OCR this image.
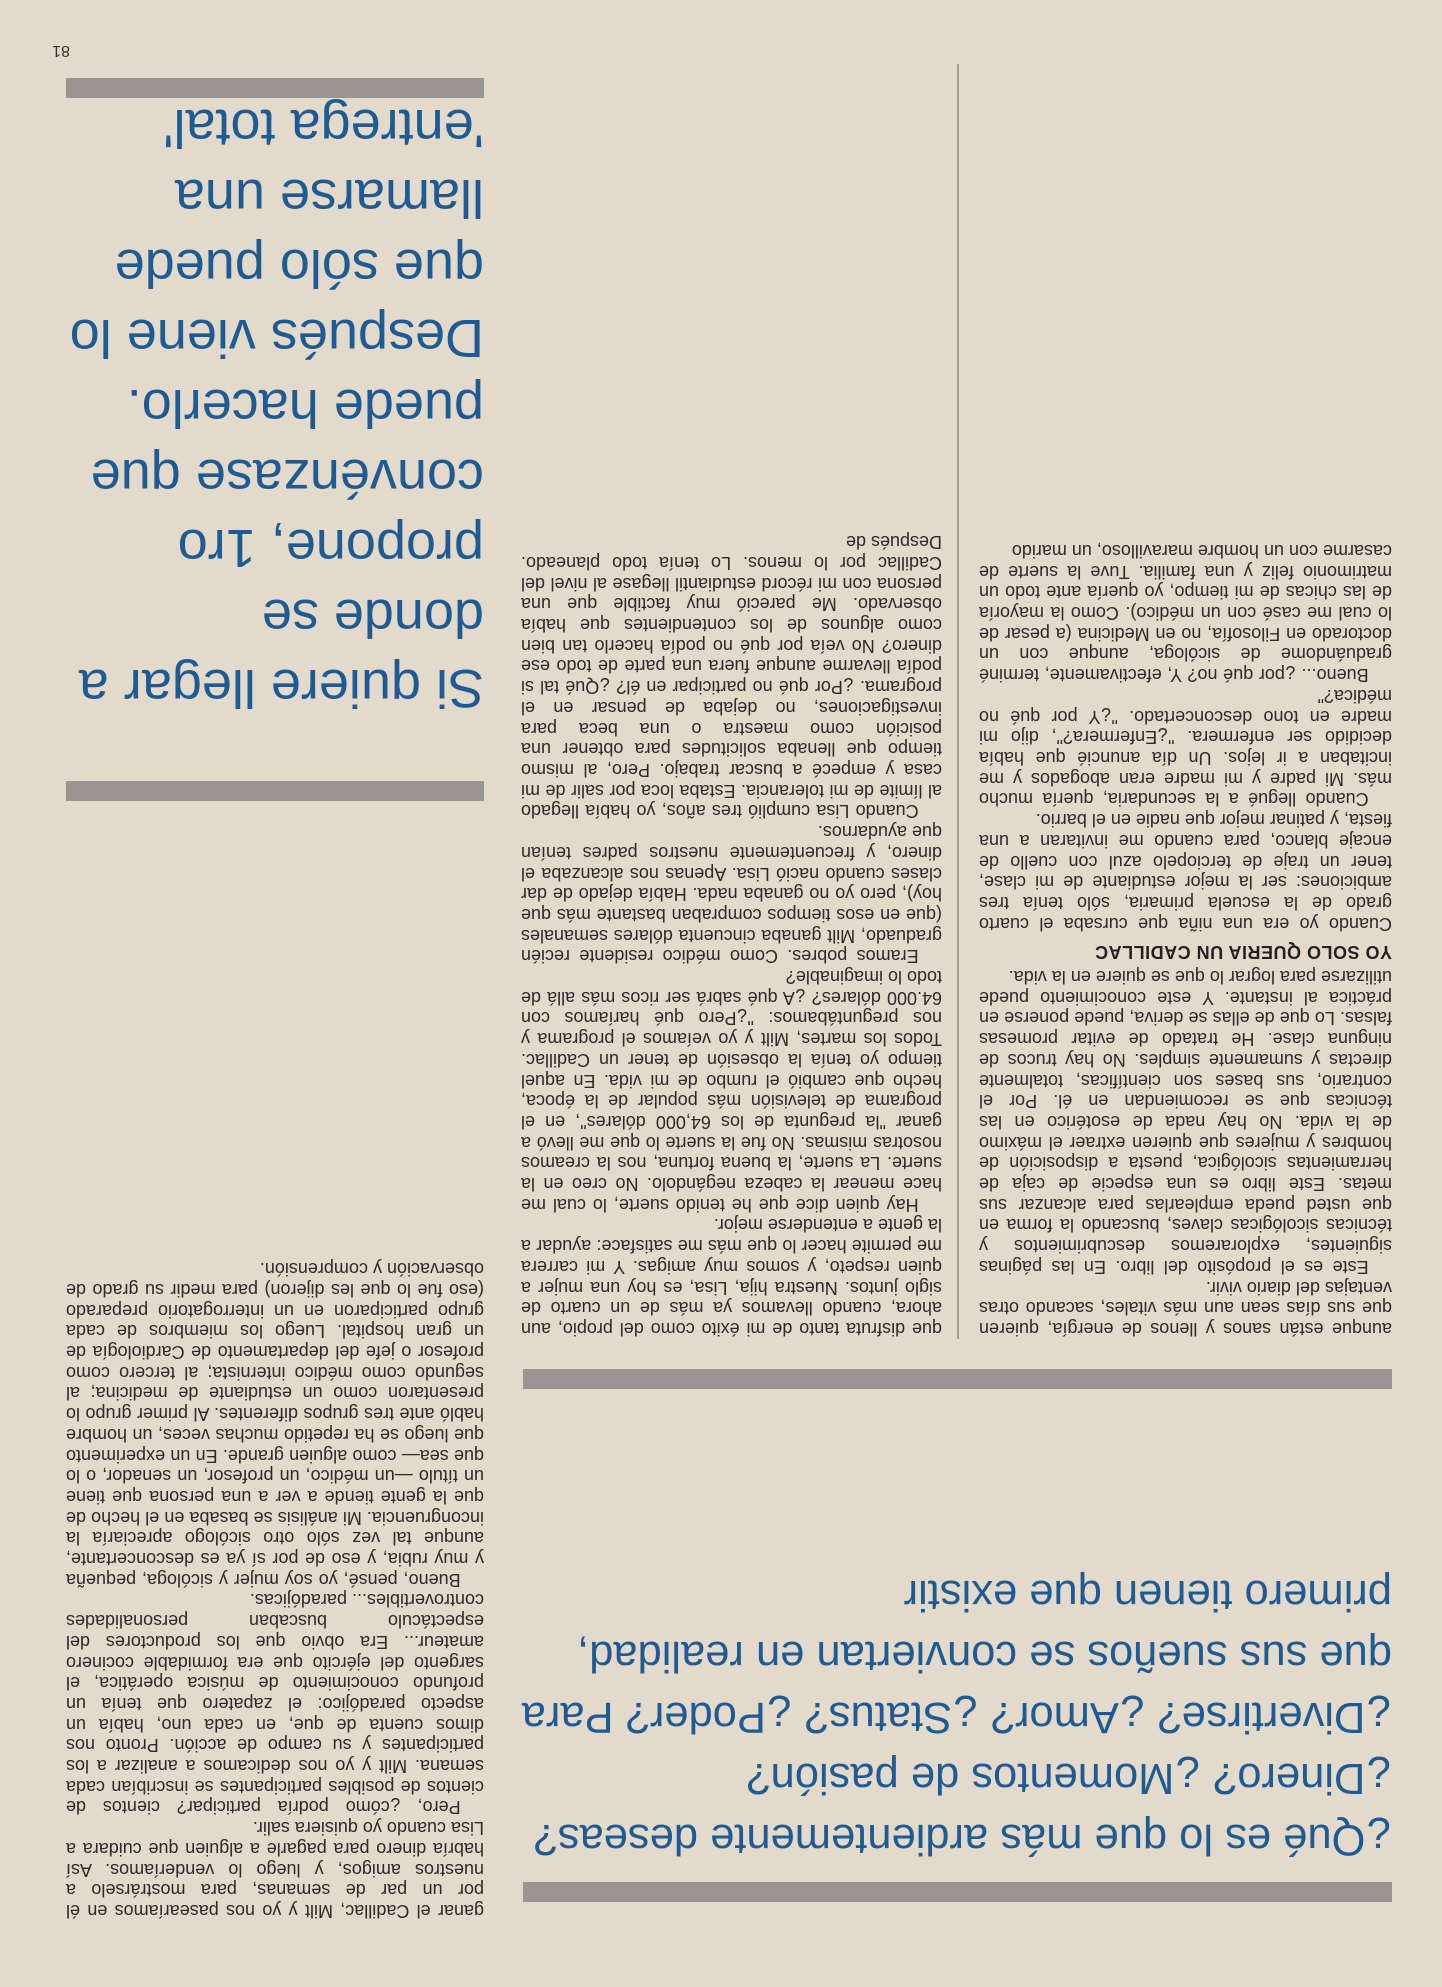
¿Qué es lo que más ardientemente deseas? ¿Dinero? ¿Momentos de pasión? ¿Divertirse? ¿Amor? ¿Status? ¿Poder? Para que sus sueños se conviertan en realidad, primero tienen que existir

aunque están sanos y llenos de energía, quieren que sus días sean aun más vitales, sacando otras ventajas del diario vivir.

Este es el propósito del libro. En las páginas siguientes, exploraremos descubrimientos y técnicas sicológicas claves, buscando la forma en que usted pueda emplearlas para alcanzar sus metas. Este libro es una especie de caja de herramientas sicológica, puesta a disposición de hombres y mujeres que quieren extraer el máximo de la vida. No hay nada de esotérico en las técnicas que se recomiendan en él. Por el contrario, sus bases son científicas, totalmente directas y sumamente simples. No hay trucos de ninguna clase. He tratado de evitar promesas falsas. Lo que de ellas se deriva, puede ponerse en práctica al instante. Y este conocimiento puede utilizarse para lograr lo que se quiere en la vida.

YO SOLO QUERIA UN CADILLAC

Cuando yo era una niña que cursaba el cuarto grado de la escuela primaria, sólo tenía tres ambiciones: ser la mejor estudiante de mi clase, tener un traje de terciopelo azul con cuello de encaje blanco, para cuando me invitaran a una fiesta, y patinar mejor que nadie en el barrio.

Cuando llegué a la secundaria, quería mucho más. Mi padre y mi madre eran abogados y me incitaban a ir lejos. Un día anuncié que había decidido ser enfermera. "¿Enfermera?", dijo mi madre en tono desconcertado. "¿Y por qué no médica?"

Bueno... ¿por qué no? Y, efectivamente, terminé graduándome de sicóloga, aunque con un doctorado en Filosofía, no en Medicina (a pesar de lo cual me casé con un médico). Como la mayoría de las chicas de mi tiempo, yo quería ante todo un matrimonio feliz y una familia. Tuve la suerte de casarme con un hombre maravilloso, un marido

que disfruta tanto de mi éxito como del propio, aun ahora, cuando llevamos ya más de un cuarto de siglo juntos. Nuestra hija, Lisa, es hoy una mujer a quien respeto, y somos muy amigas. Y mi carrera me permite hacer lo que más me satisface: ayudar a la gente a entenderse mejor.

Hay quien dice que he tenido suerte, lo cual me hace menear la cabeza negándolo. No creo en la suerte. La suerte, la buena fortuna, nos la creamos nosotras mismas. No fue la suerte lo que me llevó a ganar "la pregunta de los 64,000 dólares", en el programa de televisión más popular de la época, hecho que cambió el rumbo de mi vida. En aquel tiempo yo tenía la obsesión de tener un Cadillac. Todos los martes, Milt y yo veíamos el programa y nos preguntábamos: "¿Pero qué haríamos con 64.000 dólares? ¿A qué sabrá ser ricos más allá de todo lo imaginable?

Eramos pobres. Como médico residente recién graduado, Milt ganaba cincuenta dólares semanales (que en esos tiempos compraban bastante más que hoy), pero yo no ganaba nada. Había dejado de dar clases cuando nació Lisa. Apenas nos alcanzaba el dinero, y frecuentemente nuestros padres tenían que ayudarnos.

Cuando Lisa cumplió tres años, yo había llegado al límite de mi tolerancia. Estaba loca por salir de mi casa y empecé a buscar trabajo. Pero, al mismo tiempo que llenaba solicitudes para obtener una posición como maestra o una beca para investigaciones, no dejaba de pensar en el programa. ¿Por qué no participar en él? ¿Qué tal si podía llevarme aunque fuera una parte de todo ese dinero? No veía por qué no podía hacerlo tan bien como algunos de los contendientes que había observado. Me pareció muy factible que una persona con mi récord estudiantil llegase al nivel del Cadillac por lo menos. Lo tenía todo planeado. Después de

Si quiere llegar a donde se propone, 1ro convénzase que puede hacerlo. Después viene lo que sólo puede llamarse una 'entrega total'

ganar el Cadillac, Milt y yo nos pasearíamos en él por un par de semanas, para mostrárselo a nuestros amigos, y luego lo venderíamos. Así habría dinero para pagarle a alguien que cuidara a Lisa cuando yo quisiera salir.

Pero, ¿cómo podría participar? cientos de cientos de posibles participantes se inscribían cada semana. Milt y yo nos dedicamos a analizar a los participantes y su campo de acción. Pronto nos dimos cuenta de que, en cada uno, había un aspecto paradójico: el zapatero que tenía un profundo conocimiento de música operática, el sargento del ejército que era formidable cocinero amateur... Era obvio que los productores del espectáculo buscaban personalidades controvertibles... paradójicas.

Bueno, pensé, yo soy mujer y sicóloga, pequeña y muy rubia, y eso de por sí ya es desconcertante, aunque tal vez sólo otro sicólogo apreciaría la incongruencia. Mi análisis se basaba en el hecho de que la gente tiende a ver a una persona que tiene un título —un médico, un profesor, un senador, o lo que sea— como alguien grande. En un experimento que luego se ha repetido muchas veces, un hombre habló ante tres grupos diferentes. Al primer grupo lo presentaron como un estudiante de medicina; al segundo como médico internista; al tercero como profesor o jefe del departamento de Cardiología de un gran hospital. Luego los miembros de cada grupo participaron en un interrogatorio preparado (eso fue lo que les dijeron) para medir su grado de observación y comprensión.

81
